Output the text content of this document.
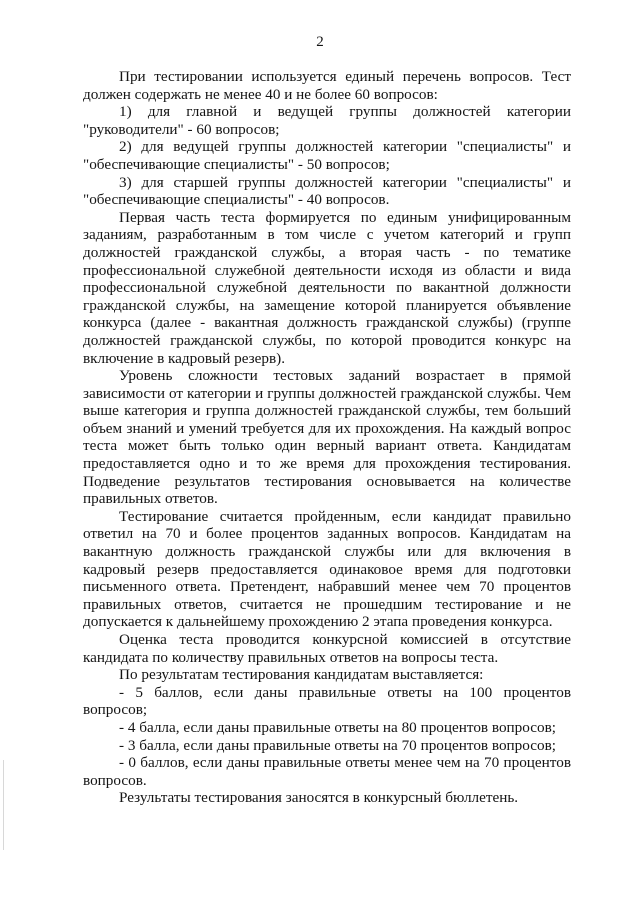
2

При тестировании используется единый перечень вопросов. Тест должен содержать не менее 40 и не более 60 вопросов:

1) для главной и ведущей группы должностей категории "руководители" - 60 вопросов;

2) для ведущей группы должностей категории "специалисты" и "обеспечивающие специалисты" - 50 вопросов;

3) для старшей группы должностей категории "специалисты" и "обеспечивающие специалисты" - 40 вопросов.

Первая часть теста формируется по единым унифицированным заданиям, разработанным в том числе с учетом категорий и групп должностей гражданской службы, а вторая часть - по тематике профессиональной служебной деятельности исходя из области и вида профессиональной служебной деятельности по вакантной должности гражданской службы, на замещение которой планируется объявление конкурса (далее - вакантная должность гражданской службы) (группе должностей гражданской службы, по которой проводится конкурс на включение в кадровый резерв).

Уровень сложности тестовых заданий возрастает в прямой зависимости от категории и группы должностей гражданской службы. Чем выше категория и группа должностей гражданской службы, тем больший объем знаний и умений требуется для их прохождения. На каждый вопрос теста может быть только один верный вариант ответа. Кандидатам предоставляется одно и то же время для прохождения тестирования. Подведение результатов тестирования основывается на количестве правильных ответов.

Тестирование считается пройденным, если кандидат правильно ответил на 70 и более процентов заданных вопросов. Кандидатам на вакантную должность гражданской службы или для включения в кадровый резерв предоставляется одинаковое время для подготовки письменного ответа. Претендент, набравший менее чем 70 процентов правильных ответов, считается не прошедшим тестирование и не допускается к дальнейшему прохождению 2 этапа проведения конкурса.

Оценка теста проводится конкурсной комиссией в отсутствие кандидата по количеству правильных ответов на вопросы теста.

По результатам тестирования кандидатам выставляется:

- 5 баллов, если даны правильные ответы на 100 процентов вопросов;

- 4 балла, если даны правильные ответы на 80 процентов вопросов;

- 3 балла, если даны правильные ответы на 70 процентов вопросов;

- 0 баллов, если даны правильные ответы менее чем на 70 процентов вопросов.

Результаты тестирования заносятся в конкурсный бюллетень.
